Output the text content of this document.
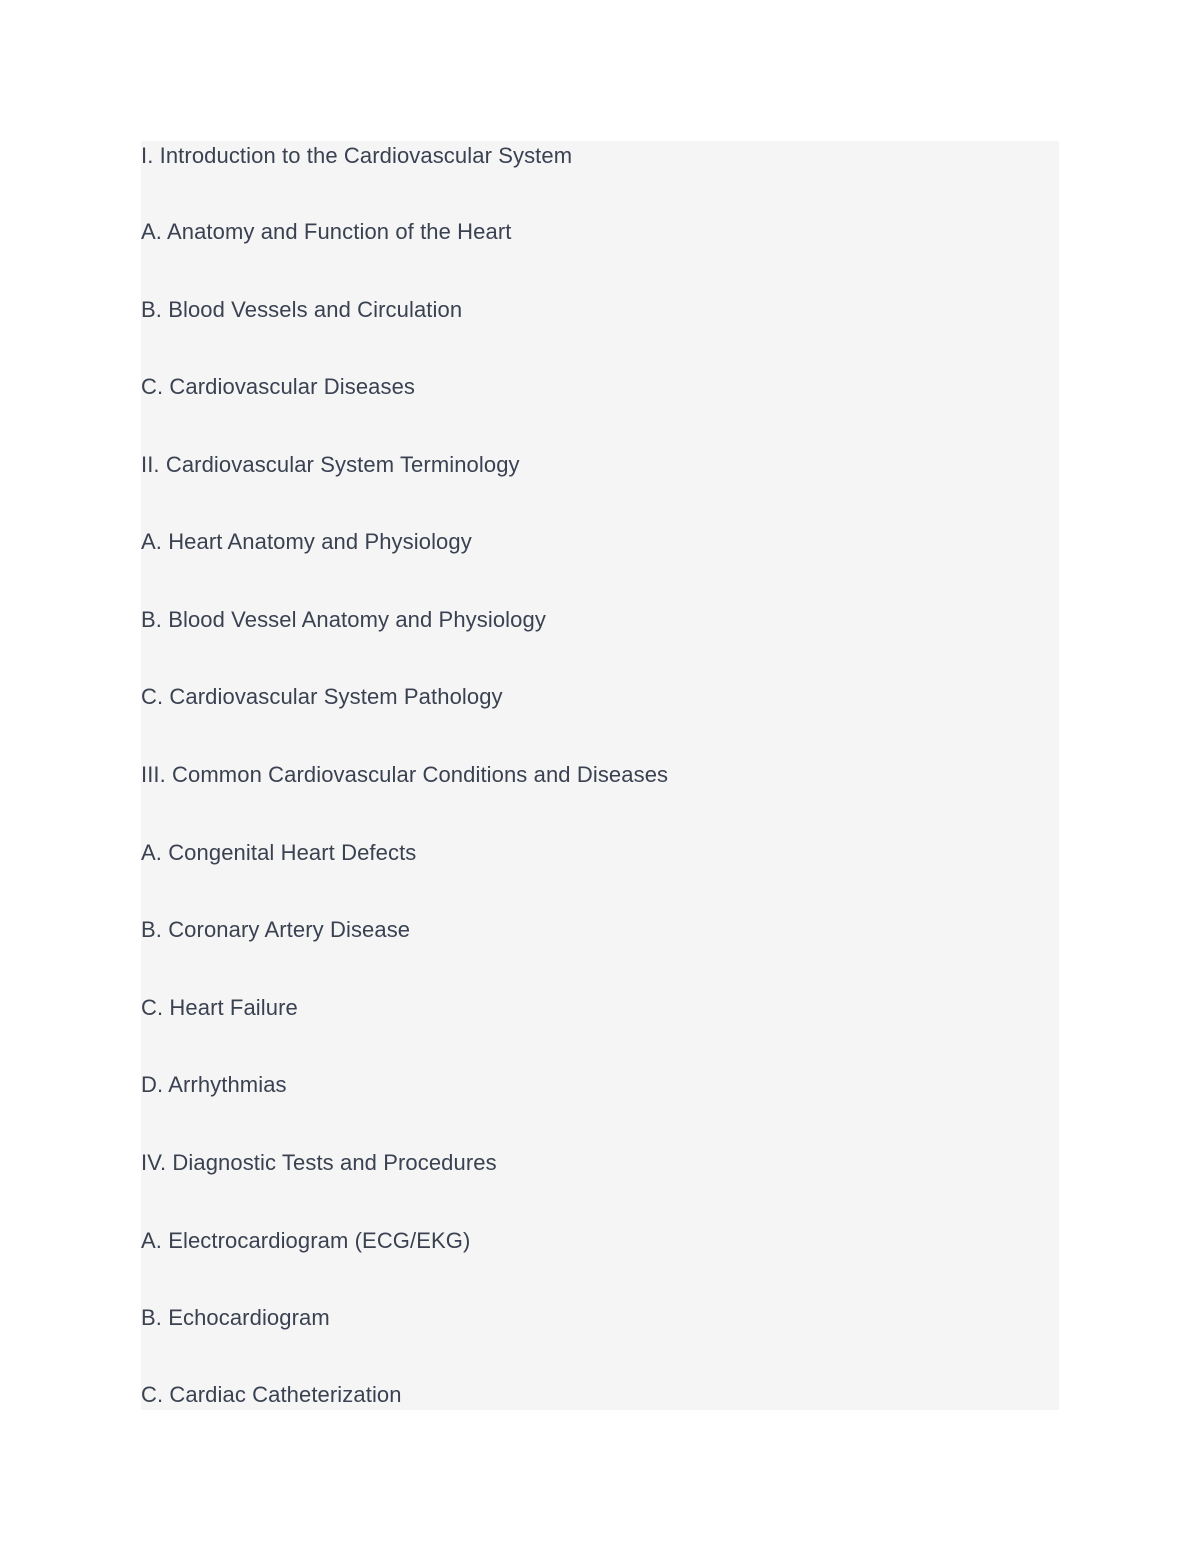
I. Introduction to the Cardiovascular System
A. Anatomy and Function of the Heart
B. Blood Vessels and Circulation
C. Cardiovascular Diseases
II. Cardiovascular System Terminology
A. Heart Anatomy and Physiology
B. Blood Vessel Anatomy and Physiology
C. Cardiovascular System Pathology
III. Common Cardiovascular Conditions and Diseases
A. Congenital Heart Defects
B. Coronary Artery Disease
C. Heart Failure
D. Arrhythmias
IV. Diagnostic Tests and Procedures
A. Electrocardiogram (ECG/EKG)
B. Echocardiogram
C. Cardiac Catheterization
